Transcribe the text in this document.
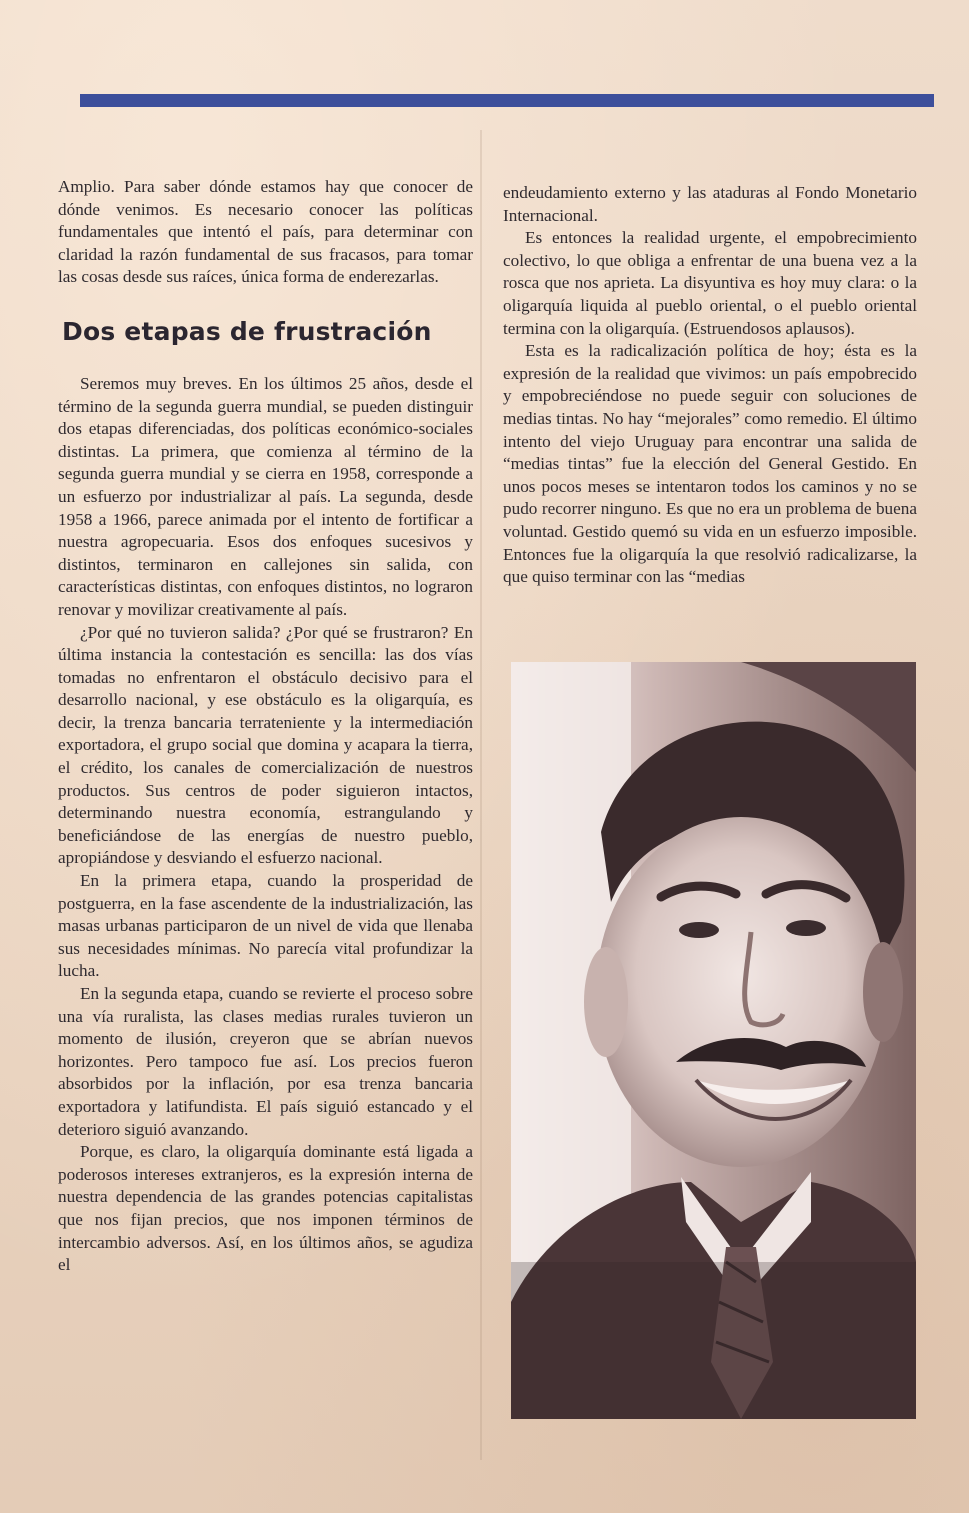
Amplio. Para saber dónde estamos hay que conocer de dónde venimos. Es necesario conocer las políticas fundamentales que intentó el país, para determinar con claridad la razón fundamental de sus fracasos, para tomar las cosas desde sus raíces, única forma de enderezarlas.

Dos etapas de frustración

Seremos muy breves. En los últimos 25 años, desde el término de la segunda guerra mundial, se pueden distinguir dos etapas diferenciadas, dos políticas económico-sociales distintas. La primera, que comienza al término de la segunda guerra mundial y se cierra en 1958, corresponde a un esfuerzo por industrializar al país. La segunda, desde 1958 a 1966, parece animada por el intento de fortificar a nuestra agropecuaria. Esos dos enfoques sucesivos y distintos, terminaron en callejones sin salida, con características distintas, con enfoques distintos, no lograron renovar y movilizar creativamente al país.

¿Por qué no tuvieron salida? ¿Por qué se frustraron? En última instancia la contestación es sencilla: las dos vías tomadas no enfrentaron el obstáculo decisivo para el desarrollo nacional, y ese obstáculo es la oligarquía, es decir, la trenza bancaria terrateniente y la intermediación exportadora, el grupo social que domina y acapara la tierra, el crédito, los canales de comercialización de nuestros productos. Sus centros de poder siguieron intactos, determinando nuestra economía, estrangulando y beneficiándose de las energías de nuestro pueblo, apropiándose y desviando el esfuerzo nacional.

En la primera etapa, cuando la prosperidad de postguerra, en la fase ascendente de la industrialización, las masas urbanas participaron de un nivel de vida que llenaba sus necesidades mínimas. No parecía vital profundizar la lucha.

En la segunda etapa, cuando se revierte el proceso sobre una vía ruralista, las clases medias rurales tuvieron un momento de ilusión, creyeron que se abrían nuevos horizontes. Pero tampoco fue así. Los precios fueron absorbidos por la inflación, por esa trenza bancaria exportadora y latifundista. El país siguió estancado y el deterioro siguió avanzando.

Porque, es claro, la oligarquía dominante está ligada a poderosos intereses extranjeros, es la expresión interna de nuestra dependencia de las grandes potencias capitalistas que nos fijan precios, que nos imponen términos de intercambio adversos. Así, en los últimos años, se agudiza el

endeudamiento externo y las ataduras al Fondo Monetario Internacional.

Es entonces la realidad urgente, el empobrecimiento colectivo, lo que obliga a enfrentar de una buena vez a la rosca que nos aprieta. La disyuntiva es hoy muy clara: o la oligarquía liquida al pueblo oriental, o el pueblo oriental termina con la oligarquía. (Estruendosos aplausos).

Esta es la radicalización política de hoy; ésta es la expresión de la realidad que vivimos: un país empobrecido y empobreciéndose no puede seguir con soluciones de medias tintas. No hay “mejorales” como remedio. El último intento del viejo Uruguay para encontrar una salida de “medias tintas” fue la elección del General Gestido. En unos pocos meses se intentaron todos los caminos y no se pudo recorrer ninguno. Es que no era un problema de buena voluntad. Gestido quemó su vida en un esfuerzo imposible. Entonces fue la oligarquía la que resolvió radicalizarse, la que quiso terminar con las “medias
